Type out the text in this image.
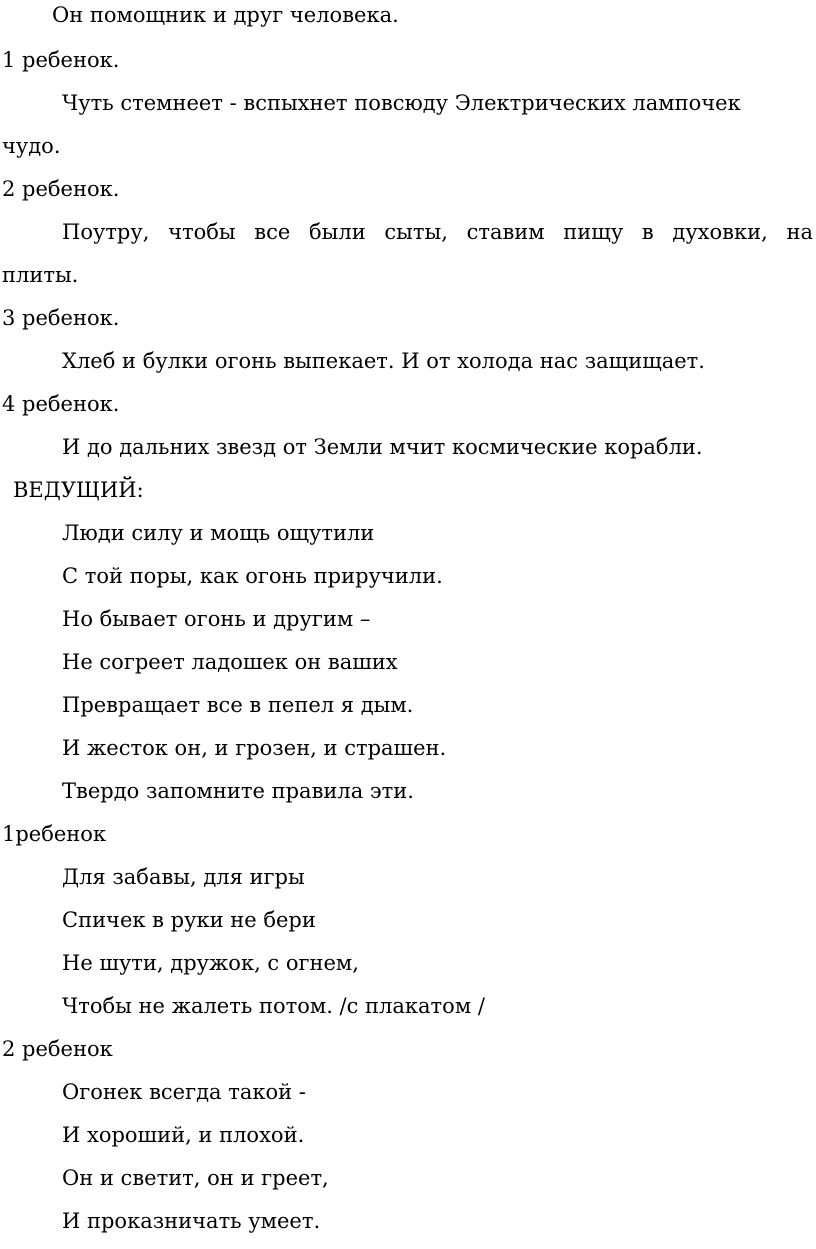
Он помощник и друг человека.
1 ребенок.
Чуть стемнеет - вспыхнет повсюду Электрических лампочек
чудо.
2 ребенок.
Поутру, чтобы все были сыты, ставим пищу в духовки, на
плиты.
3 ребенок.
Хлеб и булки огонь выпекает. И от холода нас защищает.
4 ребенок.
И до дальних звезд от Земли мчит космические корабли.
ВЕДУЩИЙ:
Люди силу и мощь ощутили
С той поры, как огонь приручили.
Но бывает огонь и другим –
Не согреет ладошек он ваших
Превращает все в пепел я дым.
И жесток он, и грозен, и страшен.
Твердо запомните правила эти.
1ребенок
Для забавы, для игры
Спичек в руки не бери
Не шути, дружок, с огнем,
Чтобы не жалеть потом. /с плакатом /
2 ребенок
Огонек всегда такой -
И хороший, и плохой.
Он и светит, он и греет,
И проказничать умеет.
